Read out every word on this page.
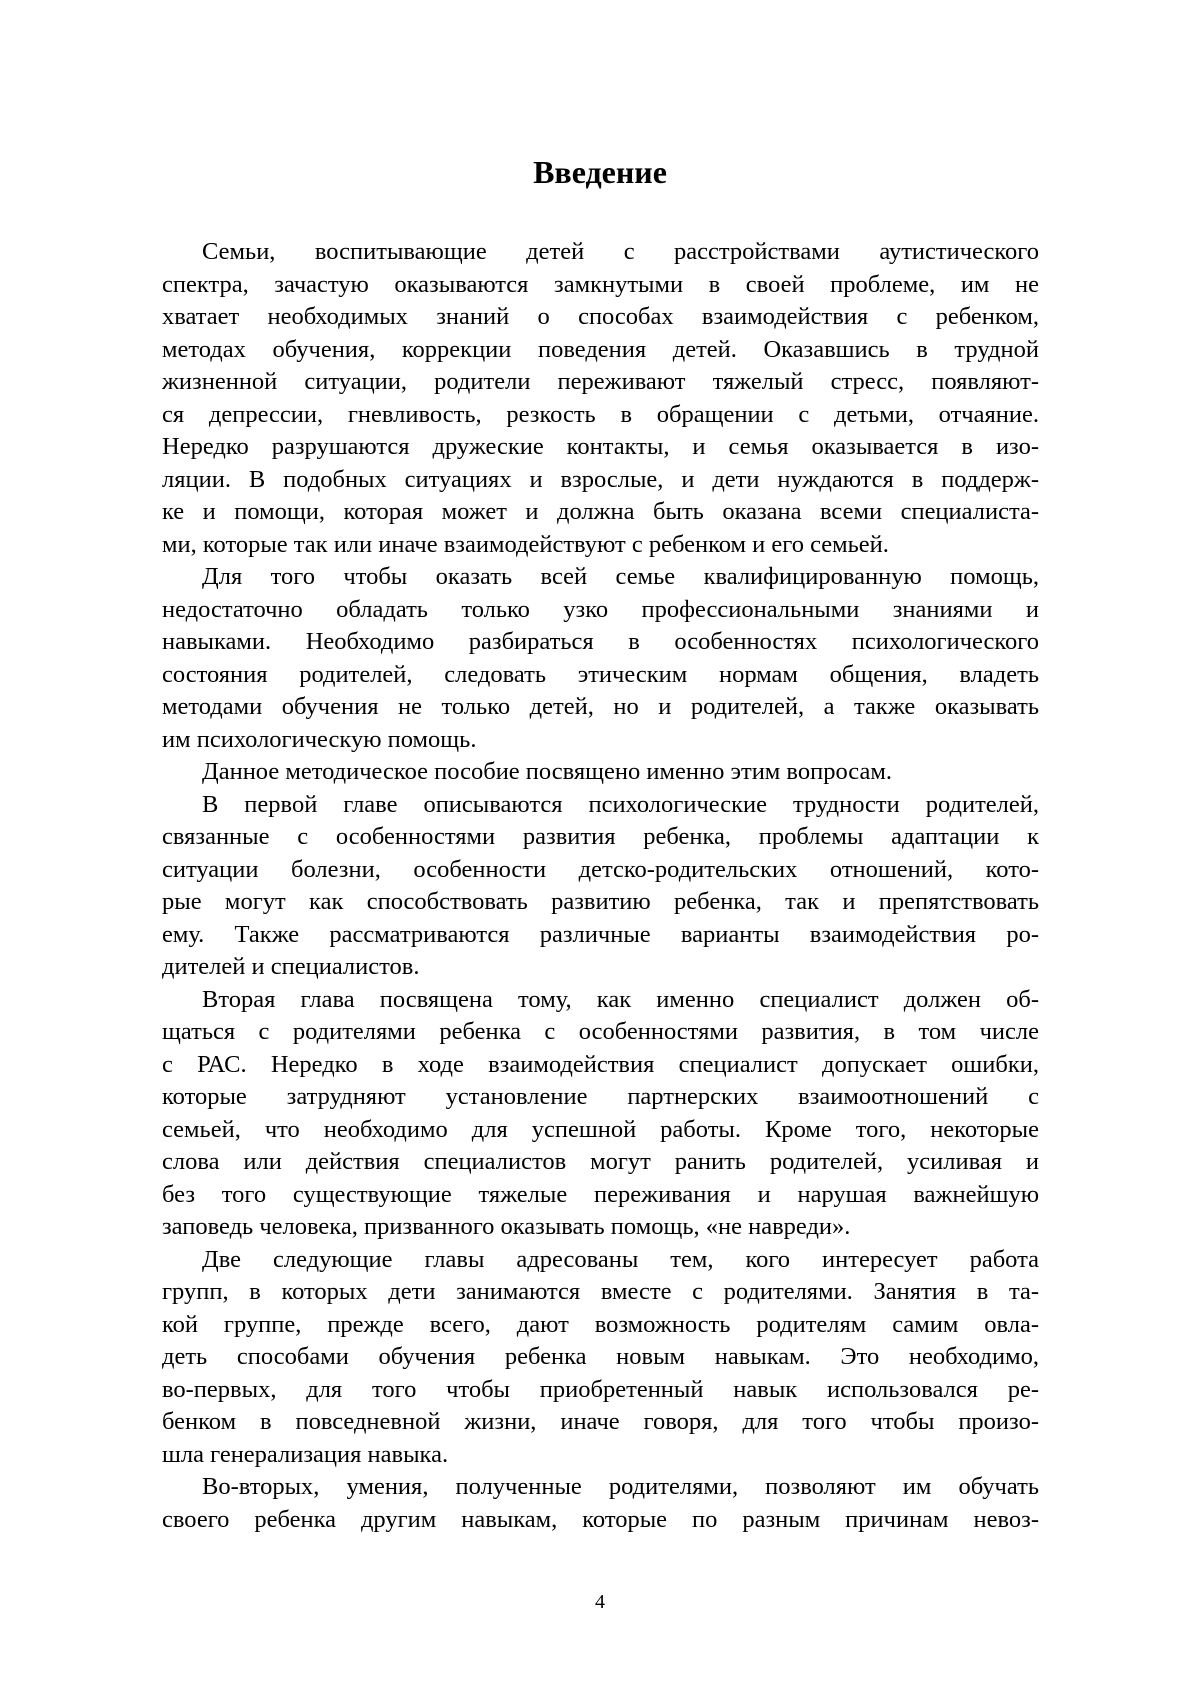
Введение
Семьи, воспитывающие детей с расстройствами аутистического
спектра, зачастую оказываются замкнутыми в своей проблеме, им не
хватает необходимых знаний о способах взаимодействия с ребенком,
методах обучения, коррекции поведения детей. Оказавшись в трудной
жизненной ситуации, родители переживают тяжелый стресс, появляют-
ся депрессии, гневливость, резкость в обращении с детьми, отчаяние.
Нередко разрушаются дружеские контакты, и семья оказывается в изо-
ляции. В подобных ситуациях и взрослые, и дети нуждаются в поддерж-
ке и помощи, которая может и должна быть оказана всеми специалиста-
ми, которые так или иначе взаимодействуют с ребенком и его семьей.
Для того чтобы оказать всей семье квалифицированную помощь,
недостаточно обладать только узко профессиональными знаниями и
навыками. Необходимо разбираться в особенностях психологического
состояния родителей, следовать этическим нормам общения, владеть
методами обучения не только детей, но и родителей, а также оказывать
им психологическую помощь.
Данное методическое пособие посвящено именно этим вопросам.
В первой главе описываются психологические трудности родителей,
связанные с особенностями развития ребенка, проблемы адаптации к
ситуации болезни, особенности детско-родительских отношений, кото-
рые могут как способствовать развитию ребенка, так и препятствовать
ему. Также рассматриваются различные варианты взаимодействия ро-
дителей и специалистов.
Вторая глава посвящена тому, как именно специалист должен об-
щаться с родителями ребенка с особенностями развития, в том числе
с РАС. Нередко в ходе взаимодействия специалист допускает ошибки,
которые затрудняют установление партнерских взаимоотношений с
семьей, что необходимо для успешной работы. Кроме того, некоторые
слова или действия специалистов могут ранить родителей, усиливая и
без того существующие тяжелые переживания и нарушая важнейшую
заповедь человека, призванного оказывать помощь, «не навреди».
Две следующие главы адресованы тем, кого интересует работа
групп, в которых дети занимаются вместе с родителями. Занятия в та-
кой группе, прежде всего, дают возможность родителям самим овла-
деть способами обучения ребенка новым навыкам. Это необходимо,
во-первых, для того чтобы приобретенный навык использовался ре-
бенком в повседневной жизни, иначе говоря, для того чтобы произо-
шла генерализация навыка.
Во-вторых, умения, полученные родителями, позволяют им обучать
своего ребенка другим навыкам, которые по разным причинам невоз-
4
